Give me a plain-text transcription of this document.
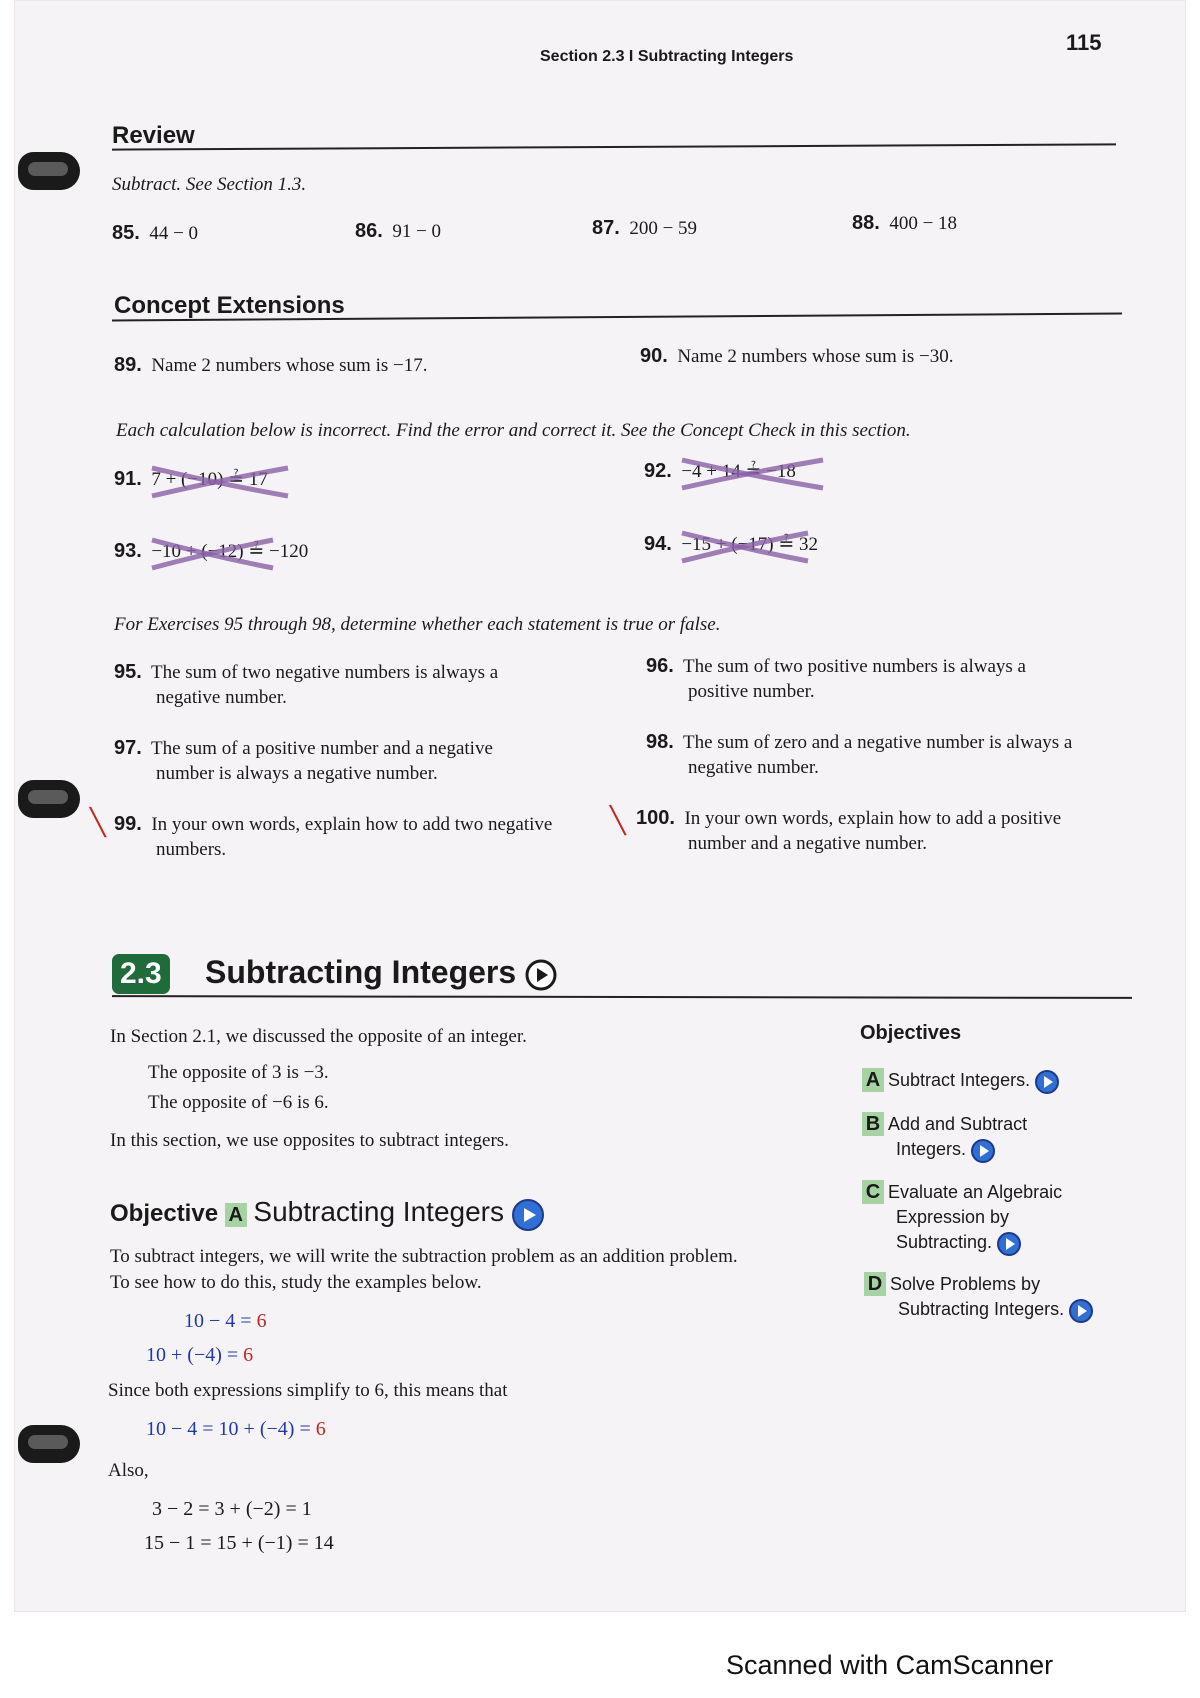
Section 2.3 I Subtracting Integers
115
Review
Subtract. See Section 1.3.
85. 44 − 0	86. 91 − 0	87. 200 − 59	88. 400 − 18
Concept Extensions
89. Name 2 numbers whose sum is −17.	90. Name 2 numbers whose sum is −30.
Each calculation below is incorrect. Find the error and correct it. See the Concept Check in this section.
91. 7 + (−10) ≟ 17	92. −4 + 14 ≟ −18
93. −10 + (−12) ≟ −120	94. −15 + (−17) ≟ 32
For Exercises 95 through 98, determine whether each statement is true or false.
95. The sum of two negative numbers is always a
negative number.
96. The sum of two positive numbers is always a
positive number.
97. The sum of a positive number and a negative
number is always a negative number.
98. The sum of zero and a negative number is always a
negative number.
╲ 99. In your own words, explain how to add two negative
numbers.
╲ 100. In your own words, explain how to add a positive
number and a negative number.
2.3 Subtracting Integers
In Section 2.1, we discussed the opposite of an integer.
The opposite of 3 is −3.
The opposite of −6 is 6.
In this section, we use opposites to subtract integers.
Objective A Subtracting Integers
To subtract integers, we will write the subtraction problem as an addition problem.
To see how to do this, study the examples below.
10 − 4 = 6
10 + (−4) = 6
Since both expressions simplify to 6, this means that
10 − 4 = 10 + (−4) = 6
Also,
3 − 2 = 3 + (−2) = 1
15 − 1 = 15 + (−1) = 14
Objectives
A Subtract Integers.
B Add and Subtract
Integers.
C Evaluate an Algebraic
Expression by
Subtracting.
D Solve Problems by
Subtracting Integers.
Scanned with CamScanner
